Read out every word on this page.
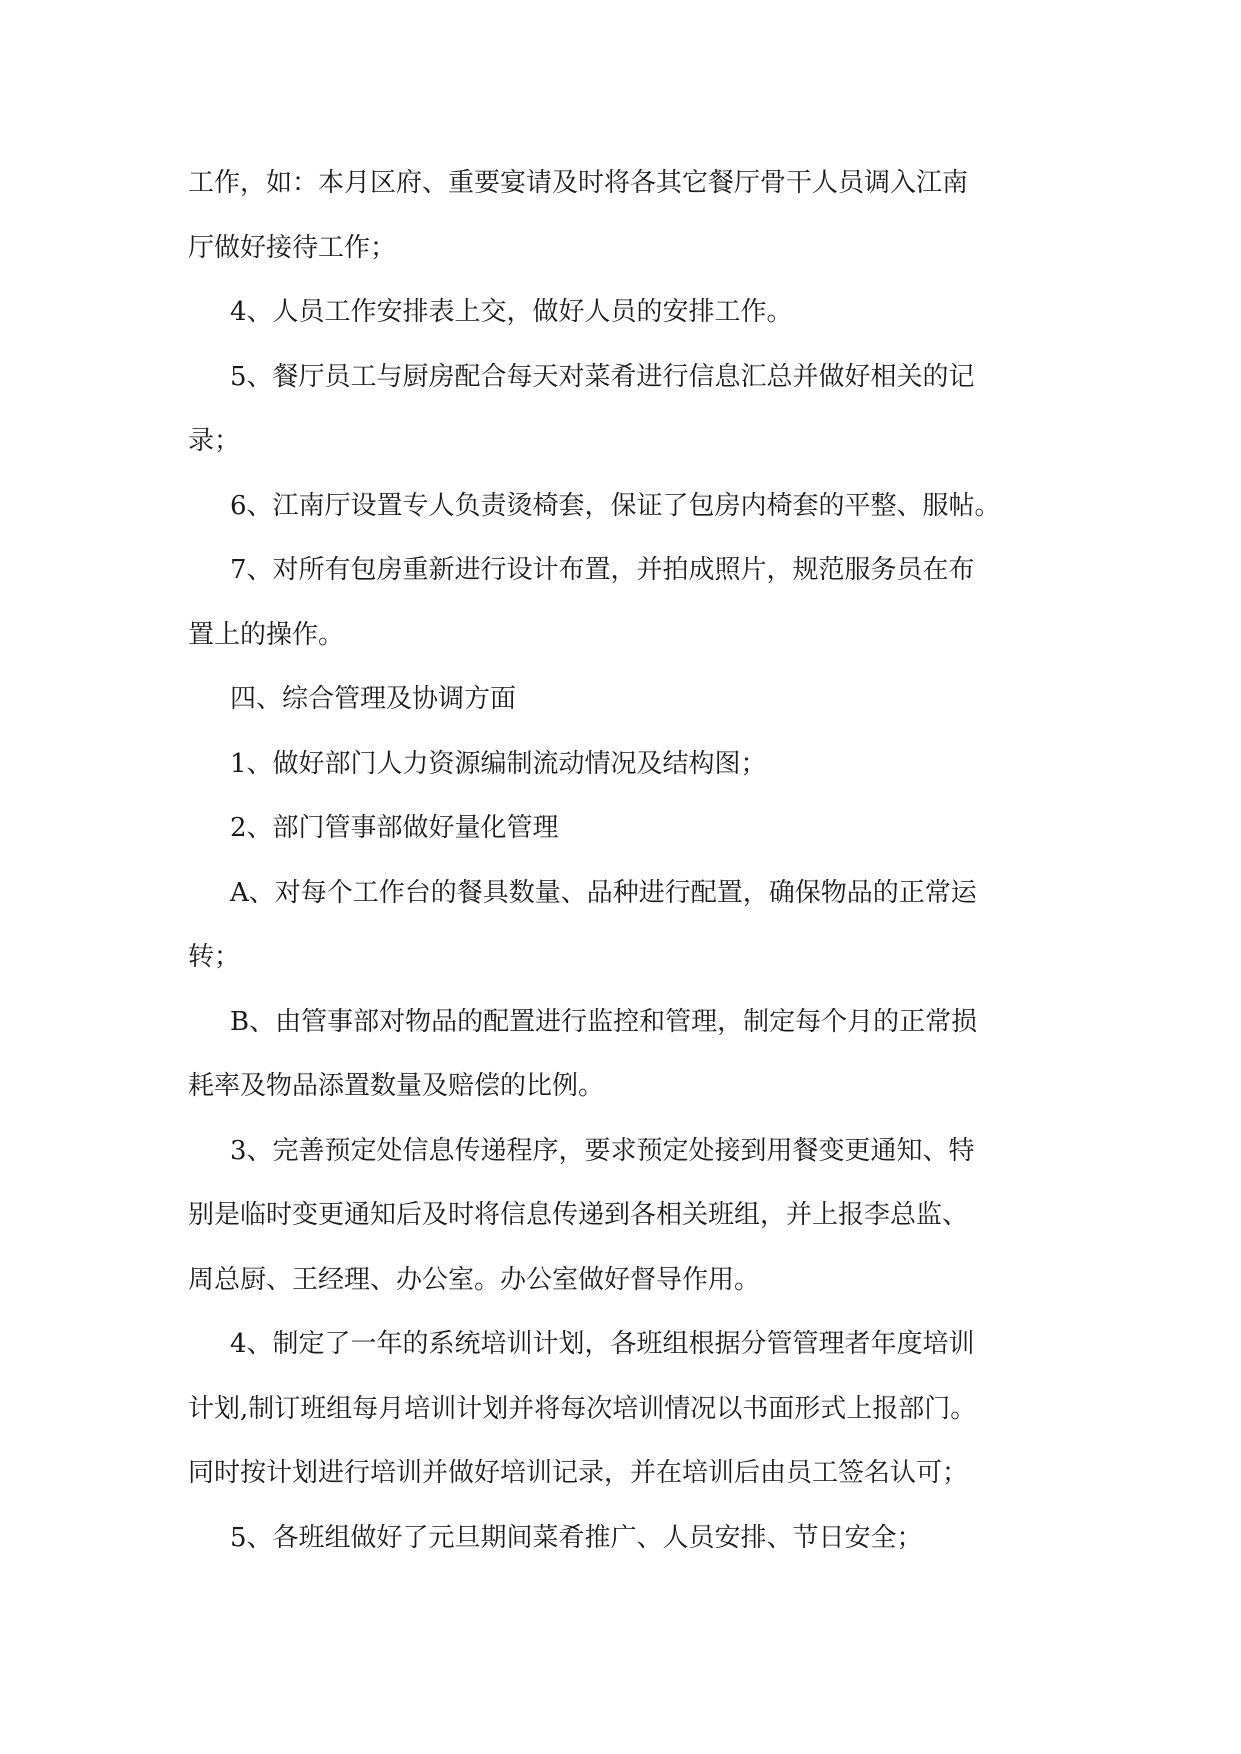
工作，如：本月区府、重要宴请及时将各其它餐厅骨干人员调入江南
厅做好接待工作；
4、人员工作安排表上交，做好人员的安排工作。
5、餐厅员工与厨房配合每天对菜肴进行信息汇总并做好相关的记
录；
6、江南厅设置专人负责烫椅套，保证了包房内椅套的平整、服帖。
7、对所有包房重新进行设计布置，并拍成照片，规范服务员在布
置上的操作。
四、综合管理及协调方面
1、做好部门人力资源编制流动情况及结构图；
2、部门管事部做好量化管理
A、对每个工作台的餐具数量、品种进行配置，确保物品的正常运
转；
B、由管事部对物品的配置进行监控和管理，制定每个月的正常损
耗率及物品添置数量及赔偿的比例。
3、完善预定处信息传递程序，要求预定处接到用餐变更通知、特
别是临时变更通知后及时将信息传递到各相关班组，并上报李总监、
周总厨、王经理、办公室。办公室做好督导作用。
4、制定了一年的系统培训计划，各班组根据分管管理者年度培训
计划,制订班组每月培训计划并将每次培训情况以书面形式上报部门。
同时按计划进行培训并做好培训记录，并在培训后由员工签名认可；
5、各班组做好了元旦期间菜肴推广、人员安排、节日安全；
